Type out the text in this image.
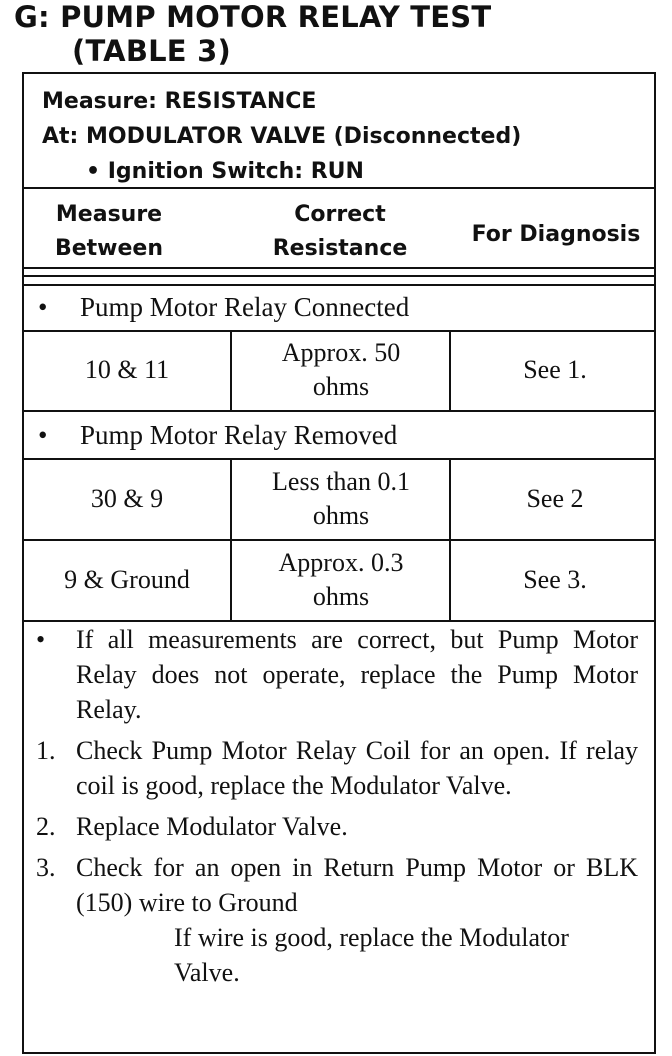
G: PUMP MOTOR RELAY TEST
(TABLE 3)
Measure: RESISTANCE
At: MODULATOR VALVE (Disconnected)
• Ignition Switch: RUN
Measure
Between
Correct
Resistance
For Diagnosis
• Pump Motor Relay Connected
10 & 11
Approx. 50
ohms
See 1.
• Pump Motor Relay Removed
30 & 9
Less than 0.1
ohms
See 2
9 & Ground
Approx. 0.3
ohms
See 3.
• If all measurements are correct, but Pump Motor Relay does not operate, replace the Pump Motor Relay.
1. Check Pump Motor Relay Coil for an open. If relay coil is good, replace the Modulator Valve.
2. Replace Modulator Valve.
3. Check for an open in Return Pump Motor or BLK (150) wire to Ground
If wire is good, replace the Modulator Valve.
